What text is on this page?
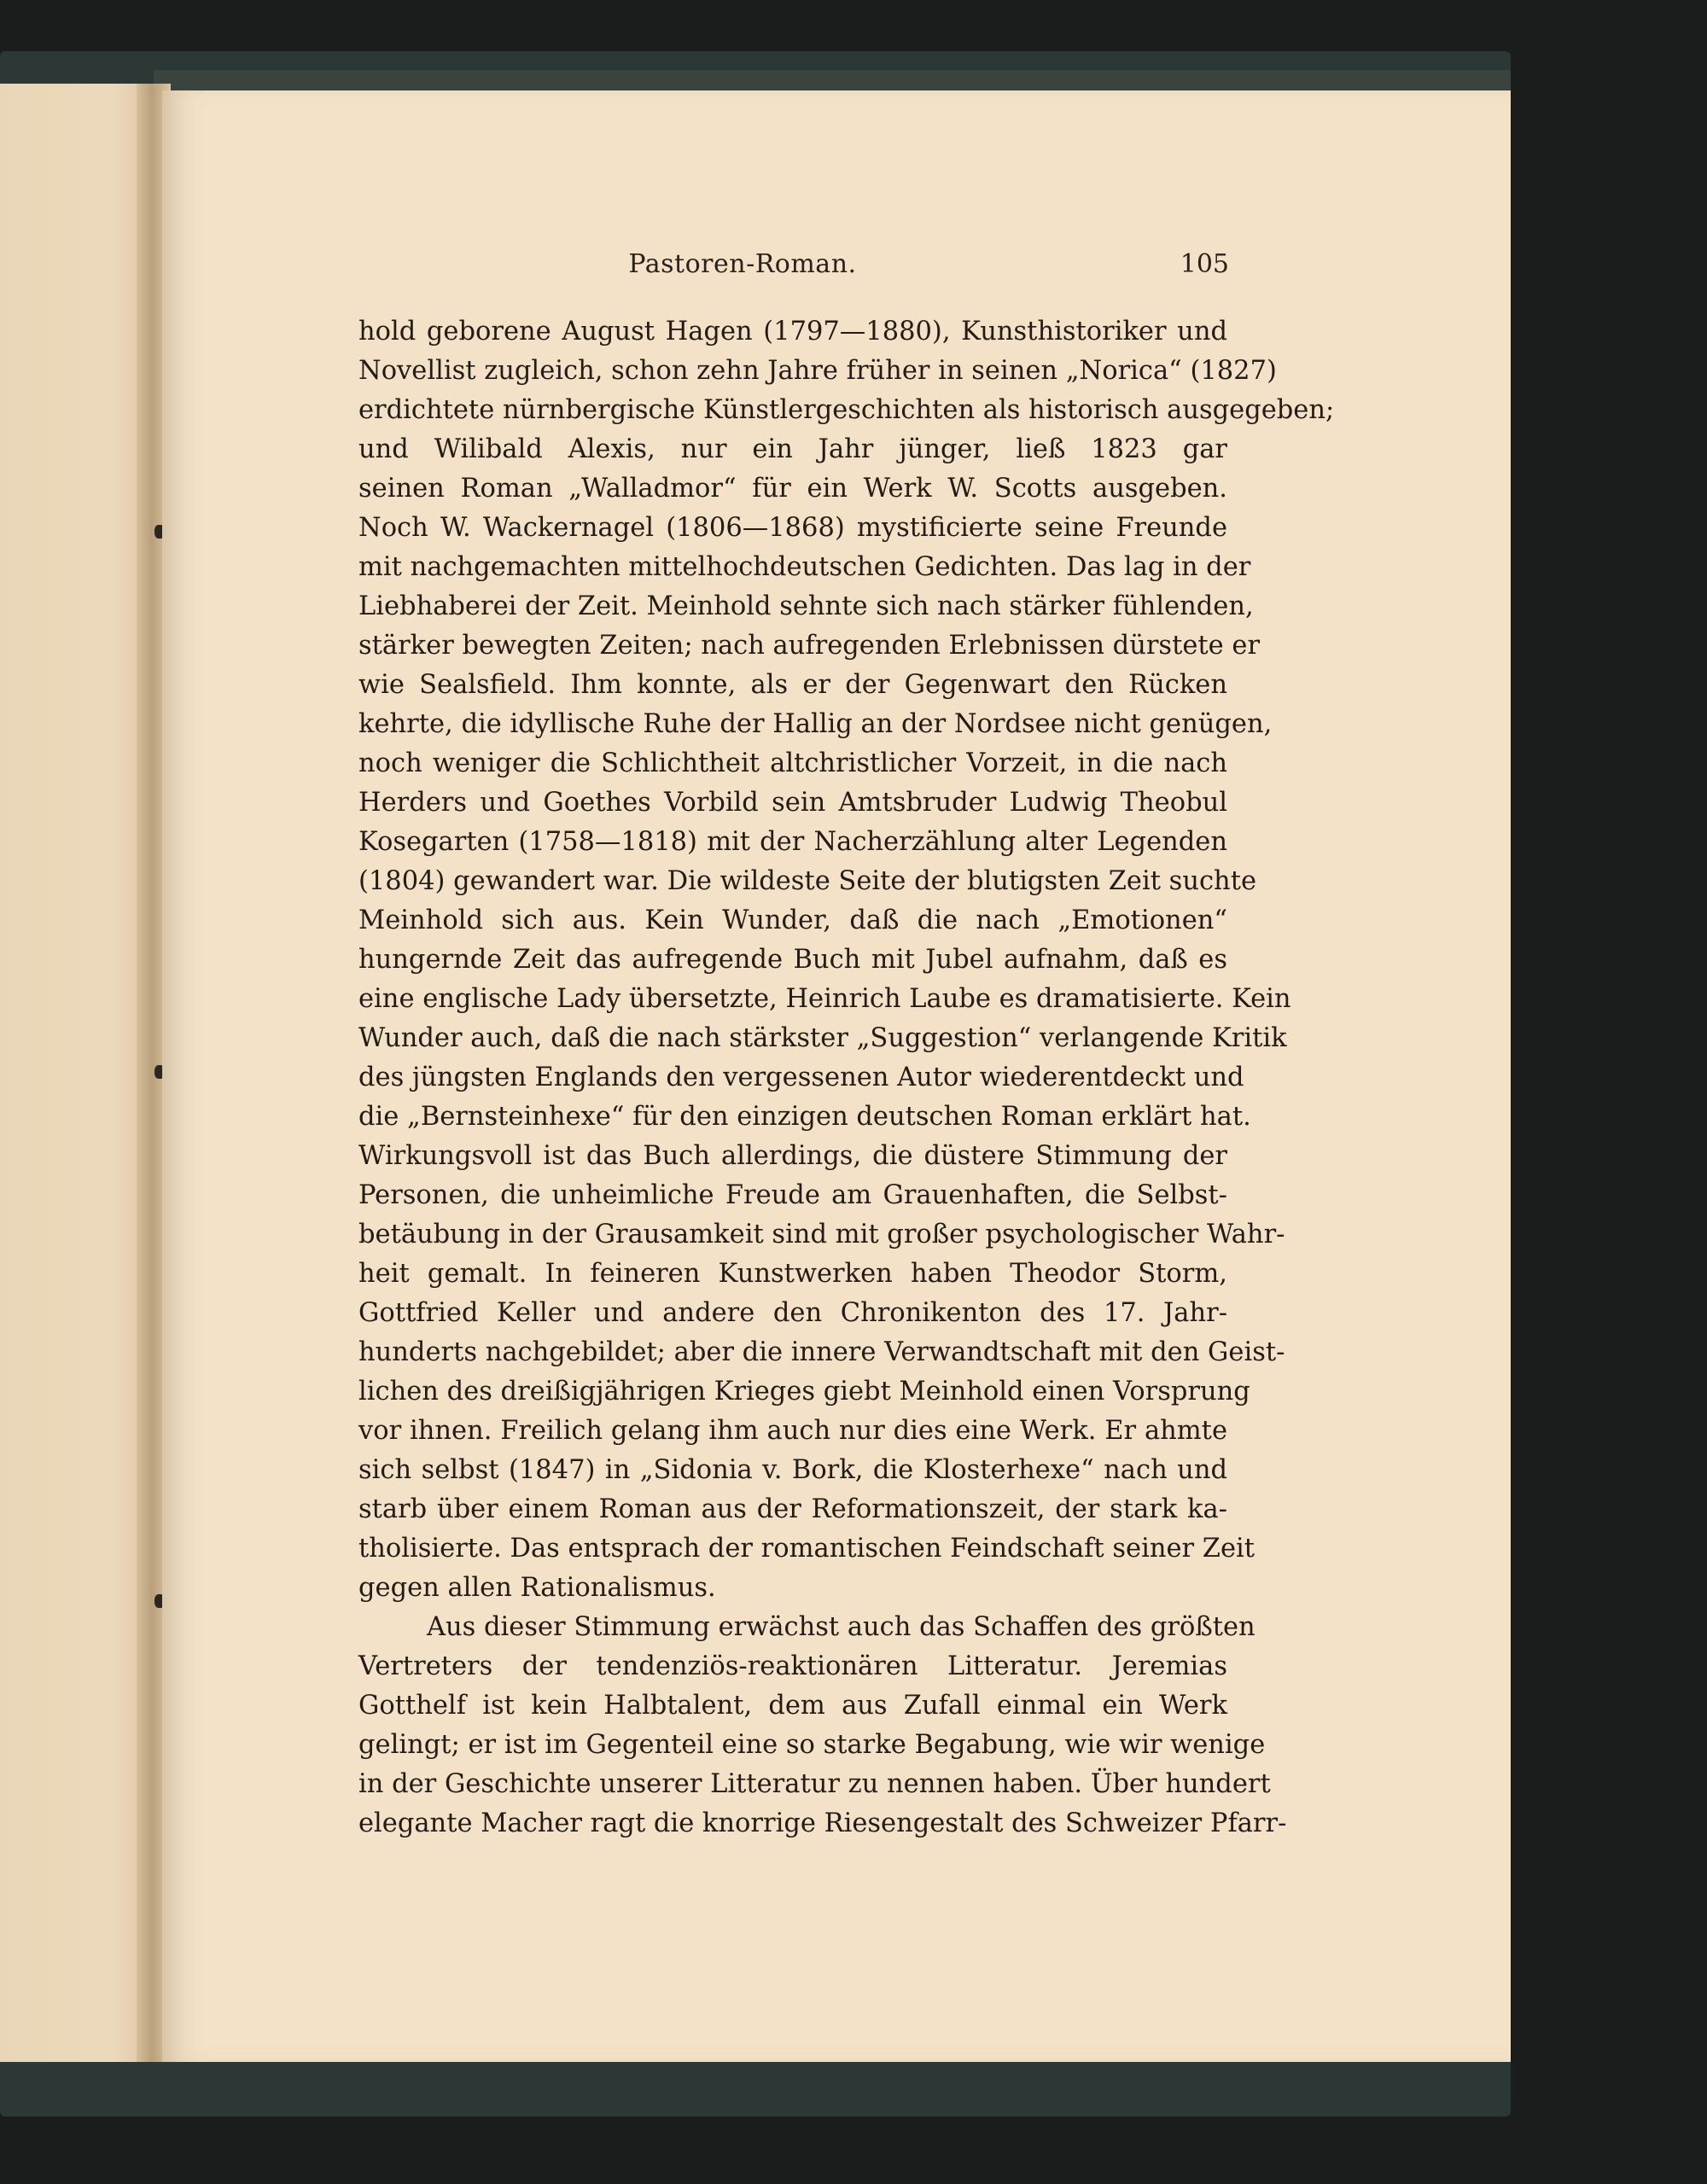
Pastoren-Roman.	105
hold geborene August Hagen (1797—1880), Kunsthistoriker und
Novellist zugleich, schon zehn Jahre früher in seinen „Norica“ (1827)
erdichtete nürnbergische Künstlergeschichten als historisch ausgegeben;
und Wilibald Alexis, nur ein Jahr jünger, ließ 1823 gar
seinen Roman „Walladmor“ für ein Werk W. Scotts ausgeben.
Noch W. Wackernagel (1806—1868) mystificierte seine Freunde
mit nachgemachten mittelhochdeutschen Gedichten. Das lag in der
Liebhaberei der Zeit. Meinhold sehnte sich nach stärker fühlenden,
stärker bewegten Zeiten; nach aufregenden Erlebnissen dürstete er
wie Sealsfield. Ihm konnte, als er der Gegenwart den Rücken
kehrte, die idyllische Ruhe der Hallig an der Nordsee nicht genügen,
noch weniger die Schlichtheit altchristlicher Vorzeit, in die nach
Herders und Goethes Vorbild sein Amtsbruder Ludwig Theobul
Kosegarten (1758—1818) mit der Nacherzählung alter Legenden
(1804) gewandert war. Die wildeste Seite der blutigsten Zeit suchte
Meinhold sich aus. Kein Wunder, daß die nach „Emotionen“
hungernde Zeit das aufregende Buch mit Jubel aufnahm, daß es
eine englische Lady übersetzte, Heinrich Laube es dramatisierte. Kein
Wunder auch, daß die nach stärkster „Suggestion“ verlangende Kritik
des jüngsten Englands den vergessenen Autor wiederentdeckt und
die „Bernsteinhexe“ für den einzigen deutschen Roman erklärt hat.
Wirkungsvoll ist das Buch allerdings, die düstere Stimmung der
Personen, die unheimliche Freude am Grauenhaften, die Selbst-
betäubung in der Grausamkeit sind mit großer psychologischer Wahr-
heit gemalt. In feineren Kunstwerken haben Theodor Storm,
Gottfried Keller und andere den Chronikenton des 17. Jahr-
hunderts nachgebildet; aber die innere Verwandtschaft mit den Geist-
lichen des dreißigjährigen Krieges giebt Meinhold einen Vorsprung
vor ihnen. Freilich gelang ihm auch nur dies eine Werk. Er ahmte
sich selbst (1847) in „Sidonia v. Bork, die Klosterhexe“ nach und
starb über einem Roman aus der Reformationszeit, der stark ka-
tholisierte. Das entsprach der romantischen Feindschaft seiner Zeit
gegen allen Rationalismus.
Aus dieser Stimmung erwächst auch das Schaffen des größten
Vertreters der tendenziös-reaktionären Litteratur. Jeremias
Gotthelf ist kein Halbtalent, dem aus Zufall einmal ein Werk
gelingt; er ist im Gegenteil eine so starke Begabung, wie wir wenige
in der Geschichte unserer Litteratur zu nennen haben. Über hundert
elegante Macher ragt die knorrige Riesengestalt des Schweizer Pfarr-
